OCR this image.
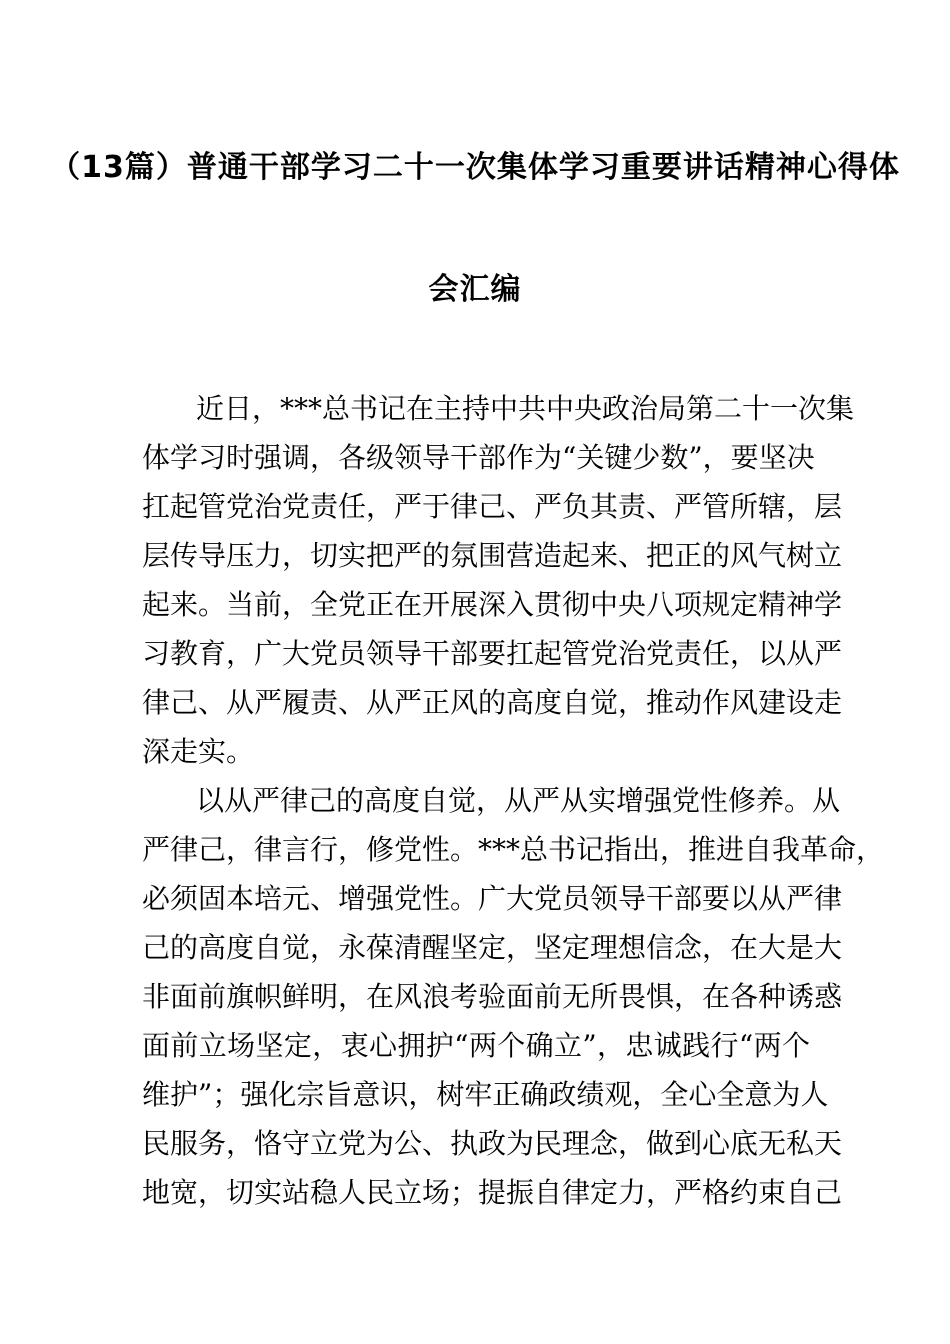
（13篇）普通干部学习二十一次集体学习重要讲话精神心得体
会汇编
近日，***总书记在主持中共中央政治局第二十一次集
体学习时强调，各级领导干部作为“关键少数”，要坚决
扛起管党治党责任，严于律己、严负其责、严管所辖，层
层传导压力，切实把严的氛围营造起来、把正的风气树立
起来。当前，全党正在开展深入贯彻中央八项规定精神学
习教育，广大党员领导干部要扛起管党治党责任，以从严
律己、从严履责、从严正风的高度自觉，推动作风建设走
深走实。
以从严律己的高度自觉，从严从实增强党性修养。从
严律己，律言行，修党性。***总书记指出，推进自我革命，
必须固本培元、增强党性。广大党员领导干部要以从严律
己的高度自觉，永葆清醒坚定，坚定理想信念，在大是大
非面前旗帜鲜明，在风浪考验面前无所畏惧，在各种诱惑
面前立场坚定，衷心拥护“两个确立”，忠诚践行“两个
维护”；强化宗旨意识，树牢正确政绩观，全心全意为人
民服务，恪守立党为公、执政为民理念，做到心底无私天
地宽，切实站稳人民立场；提振自律定力，严格约束自己
